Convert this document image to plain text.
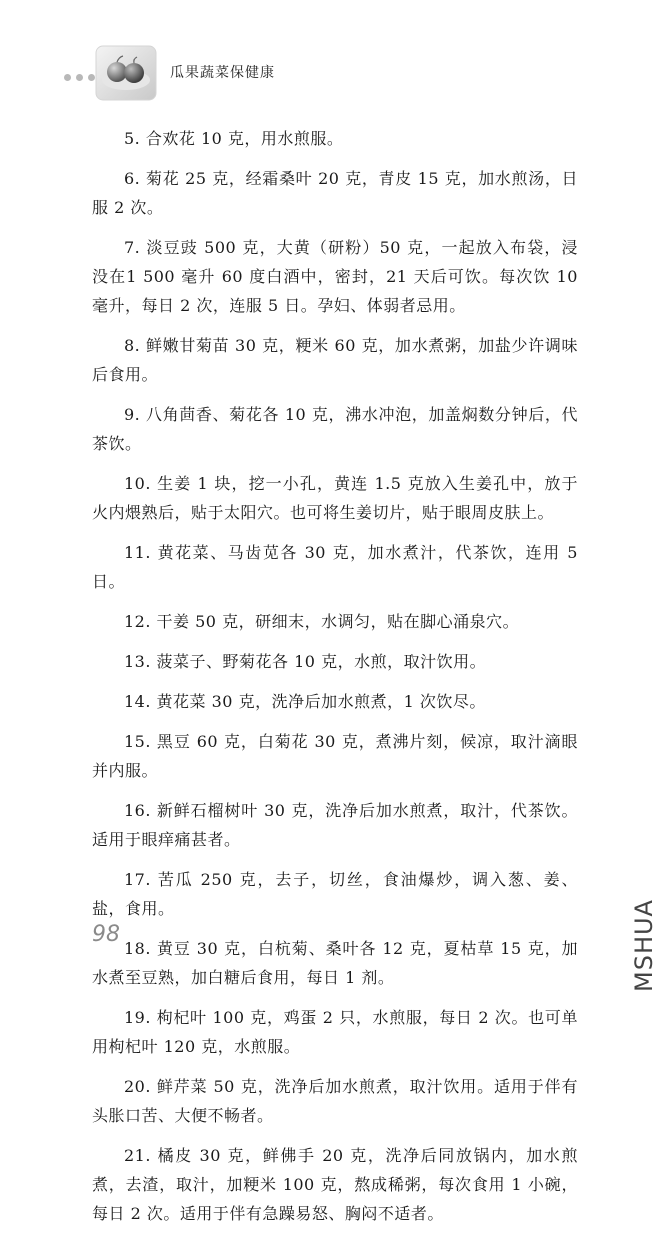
瓜果蔬菜保健康

5. 合欢花 10 克，用水煎服。

6. 菊花 25 克，经霜桑叶 20 克，青皮 15 克，加水煎汤，日服 2 次。

7. 淡豆豉 500 克，大黄（研粉）50 克，一起放入布袋，浸没在1 500 毫升 60 度白酒中，密封，21 天后可饮。每次饮 10 毫升，每日 2 次，连服 5 日。孕妇、体弱者忌用。

8. 鲜嫩甘菊苗 30 克，粳米 60 克，加水煮粥，加盐少许调味后食用。

9. 八角茴香、菊花各 10 克，沸水冲泡，加盖焖数分钟后，代茶饮。

10. 生姜 1 块，挖一小孔，黄连 1.5 克放入生姜孔中，放于火内煨熟后，贴于太阳穴。也可将生姜切片，贴于眼周皮肤上。

11. 黄花菜、马齿苋各 30 克，加水煮汁，代茶饮，连用 5 日。

12. 干姜 50 克，研细末，水调匀，贴在脚心涌泉穴。

13. 菠菜子、野菊花各 10 克，水煎，取汁饮用。

14. 黄花菜 30 克，洗净后加水煎煮，1 次饮尽。

15. 黑豆 60 克，白菊花 30 克，煮沸片刻，候凉，取汁滴眼并内服。

16. 新鲜石榴树叶 30 克，洗净后加水煎煮，取汁，代茶饮。适用于眼痒痛甚者。

17. 苦瓜 250 克，去子，切丝，食油爆炒，调入葱、姜、盐，食用。

18. 黄豆 30 克，白杭菊、桑叶各 12 克，夏枯草 15 克，加水煮至豆熟，加白糖后食用，每日 1 剂。

19. 枸杞叶 100 克，鸡蛋 2 只，水煎服，每日 2 次。也可单用枸杞叶 120 克，水煎服。

20. 鲜芹菜 50 克，洗净后加水煎煮，取汁饮用。适用于伴有头胀口苦、大便不畅者。

21. 橘皮 30 克，鲜佛手 20 克，洗净后同放锅内，加水煎煮，去渣，取汁，加粳米 100 克，熬成稀粥，每次食用 1 小碗，每日 2 次。适用于伴有急躁易怒、胸闷不适者。

98	MSHUA
